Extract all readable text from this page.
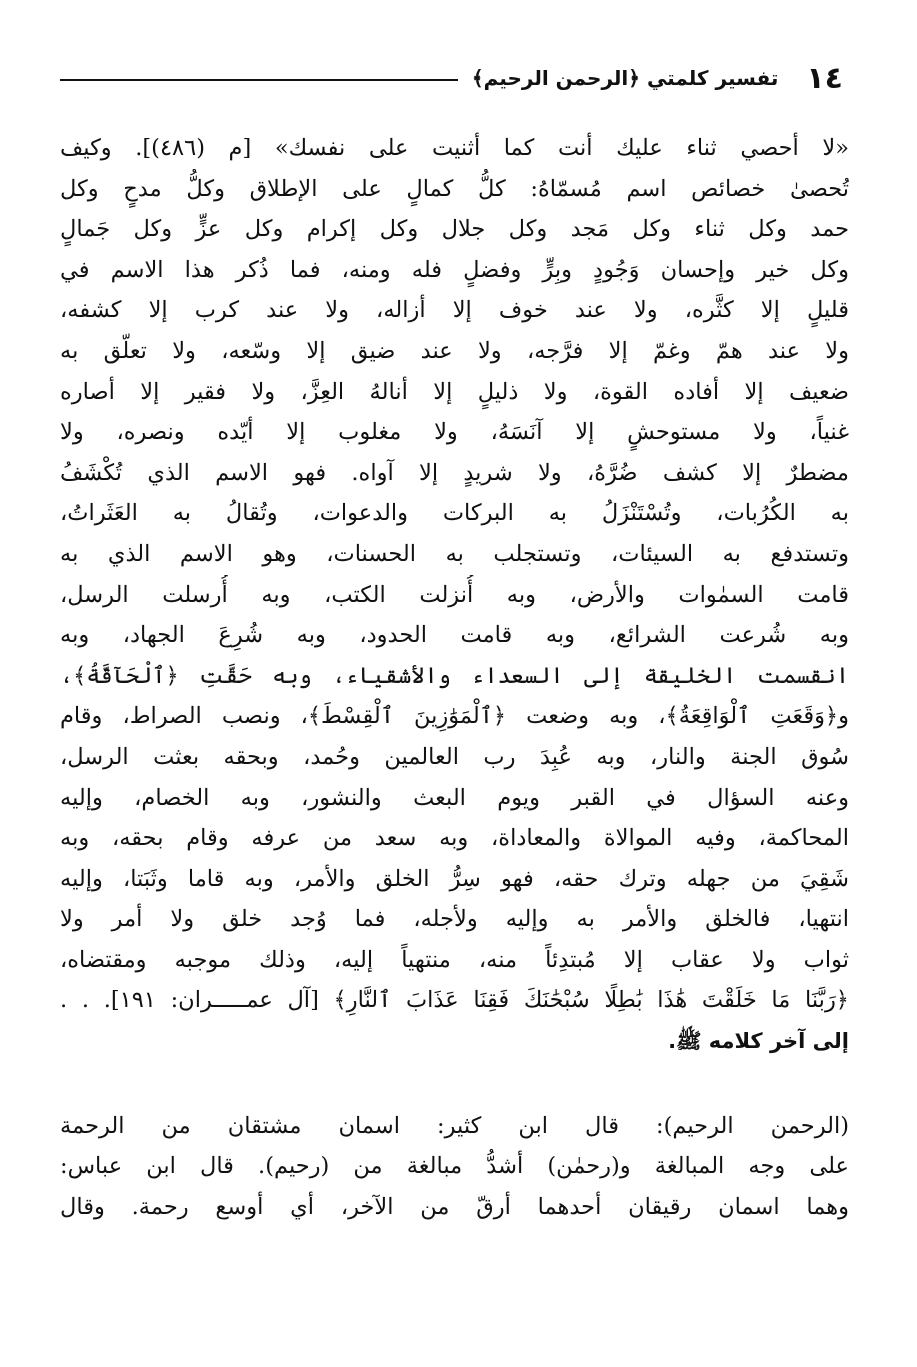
١٤
تفسير كلمتي ﴿الرحمن الرحيم﴾
«لا أحصي ثناء عليك أنت كما أثنيت على نفسك» [م (٤٨٦)]. وكيف
تُحصىٰ خصائص اسم مُسمّاهُ: كلُّ كمالٍ على الإطلاق وكلُّ مدحٍ وكل
حمد وكل ثناء وكل مَجد وكل جلال وكل إكرام وكل عزٍّ وكل جَمالٍ
وكل خير وإحسان وَجُودٍ وبِرٍّ وفضلٍ فله ومنه، فما ذُكر هذا الاسم في
قليلٍ إلا كثَّره، ولا عند خوف إلا أزاله، ولا عند كرب إلا كشفه،
ولا عند همّ وغمّ إلا فرَّجه، ولا عند ضيق إلا وسّعه، ولا تعلّق به
ضعيف إلا أفاده القوة، ولا ذليلٍ إلا أنالهُ العِزَّ، ولا فقير إلا أصاره
غنياً، ولا مستوحشٍ إلا آنَسَهُ، ولا مغلوب إلا أيّده ونصره، ولا
مضطرٌ إلا كشف ضُرَّهُ، ولا شريدٍ إلا آواه. فهو الاسم الذي تُكْشَفُ
به الكُرُبات، وتُسْتَنْزَلُ به البركات والدعوات، وتُقالُ به العَثَراتُ،
وتستدفع به السيئات، وتستجلب به الحسنات، وهو الاسم الذي به
قامت السمٰوات والأرض، وبه أُنزلت الكتب، وبه أُرسلت الرسل،
وبه شُرعت الشرائع، وبه قامت الحدود، وبه شُرِعَ الجهاد، وبه
انقسمت الخليقة إلى السعداء والأشقياء، وبه حَقَّتِ ﴿ٱلْحَآقَّةُ﴾،
و﴿وَقَعَتِ ٱلْوَاقِعَةُ﴾، وبه وضعت ﴿ٱلْمَوَٰزِينَ ٱلْقِسْطَ﴾، ونصب الصراط، وقام
سُوق الجنة والنار، وبه عُبِدَ رب العالمين وحُمد، وبحقه بعثت الرسل،
وعنه السؤال في القبر ويوم البعث والنشور، وبه الخصام، وإليه
المحاكمة، وفيه الموالاة والمعاداة، وبه سعد من عرفه وقام بحقه، وبه
شَقِيَ من جهله وترك حقه، فهو سِرُّ الخلق والأمر، وبه قاما وثَبَتا، وإليه
انتهيا، فالخلق والأمر به وإليه ولأجله، فما وُجد خلق ولا أمر ولا
ثواب ولا عقاب إلا مُبتدِئاً منه، منتهياً إليه، وذلك موجبه ومقتضاه،
﴿رَبَّنَا مَا خَلَقْتَ هَٰذَا بَٰطِلًا سُبْحَٰنَكَ فَقِنَا عَذَابَ ٱلنَّارِ﴾ [آل عمـــــران: ١٩١]. . .
إلى آخر كلامه ﷺ.
(الرحمن الرحيم): قال ابن كثير: اسمان مشتقان من الرحمة
على وجه المبالغة و(رحمٰن) أشدُّ مبالغة من (رحيم). قال ابن عباس:
وهما اسمان رقيقان أحدهما أرقّ من الآخر، أي أوسع رحمة. وقال
